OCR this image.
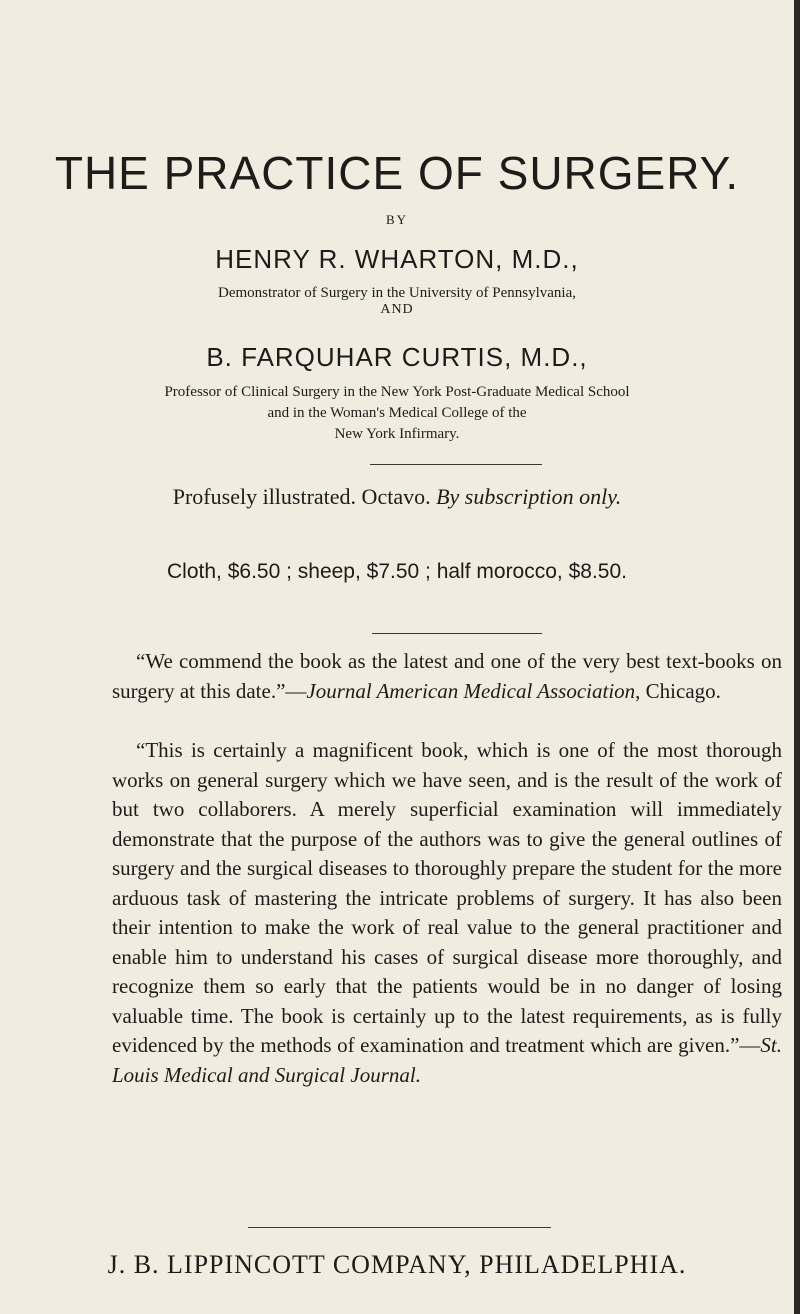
THE PRACTICE OF SURGERY.
BY
HENRY R. WHARTON, M.D.,
Demonstrator of Surgery in the University of Pennsylvania,
AND
B. FARQUHAR CURTIS, M.D.,
Professor of Clinical Surgery in the New York Post-Graduate Medical School
and in the Woman's Medical College of the
New York Infirmary.
Profusely illustrated. Octavo. By subscription only.
Cloth, $6.50 ; sheep, $7.50 ; half morocco, $8.50.
“We commend the book as the latest and one of the very best text-books on surgery at this date.”—Journal American Medical Association, Chicago.
“This is certainly a magnificent book, which is one of the most thorough works on general surgery which we have seen, and is the result of the work of but two collaborers. A merely superficial examination will immediately demonstrate that the purpose of the authors was to give the general outlines of surgery and the surgical diseases to thoroughly prepare the student for the more arduous task of mastering the intricate problems of surgery. It has also been their intention to make the work of real value to the general practitioner and enable him to understand his cases of surgical disease more thoroughly, and recognize them so early that the patients would be in no danger of losing valuable time. The book is certainly up to the latest requirements, as is fully evidenced by the methods of examination and treatment which are given.”—St. Louis Medical and Surgical Journal.
J. B. LIPPINCOTT COMPANY, PHILADELPHIA.
